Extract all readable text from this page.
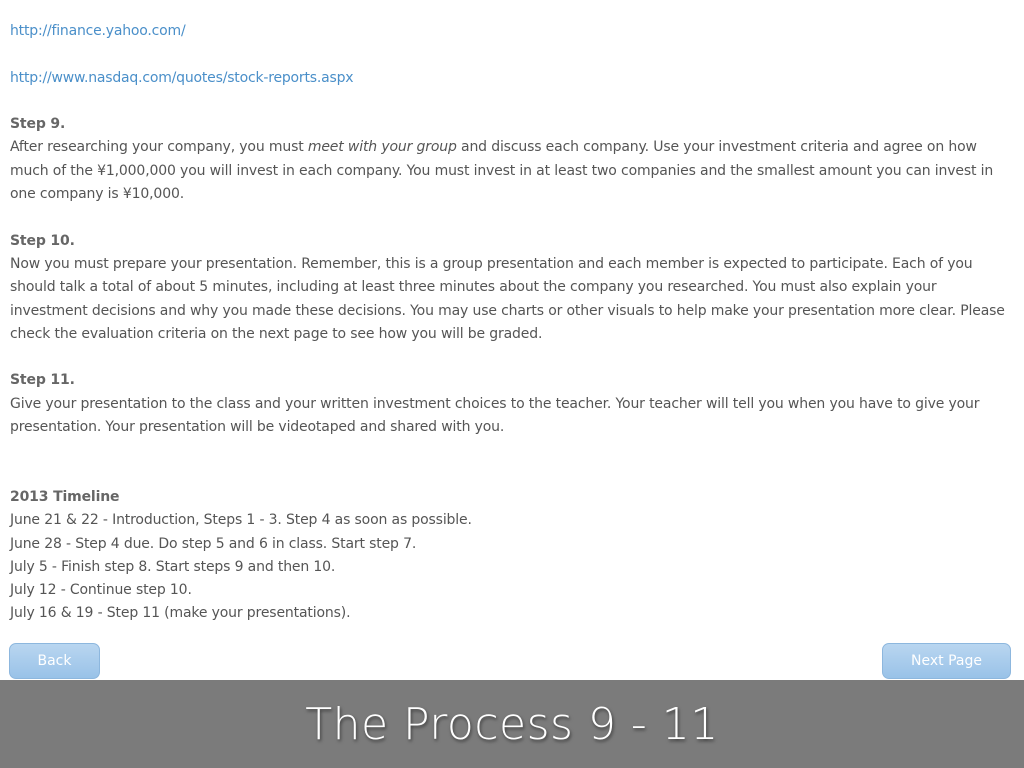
http://finance.yahoo.com/
http://www.nasdaq.com/quotes/stock-reports.aspx

Step 9.

After researching your company, you must meet with your group and discuss each company. Use your investment criteria and agree on how much of the ¥1,000,000 you will invest in each company. You must invest in at least two companies and the smallest amount you can invest in one company is ¥10,000.

Step 10.

Now you must prepare your presentation. Remember, this is a group presentation and each member is expected to participate. Each of you should talk a total of about 5 minutes, including at least three minutes about the company you researched. You must also explain your investment decisions and why you made these decisions. You may use charts or other visuals to help make your presentation more clear. Please check the evaluation criteria on the next page to see how you will be graded.

Step 11.

Give your presentation to the class and your written investment choices to the teacher. Your teacher will tell you when you have to give your presentation. Your presentation will be videotaped and shared with you.

2013 Timeline

June 21 & 22 - Introduction, Steps 1 - 3. Step 4 as soon as possible.

June 28 - Step 4 due. Do step 5 and 6 in class. Start step 7.

July 5 - Finish step 8. Start steps 9 and then 10.

July 12 - Continue step 10.

July 16 & 19 - Step 11 (make your presentations).

Back	Next Page
The Process 9 - 11
